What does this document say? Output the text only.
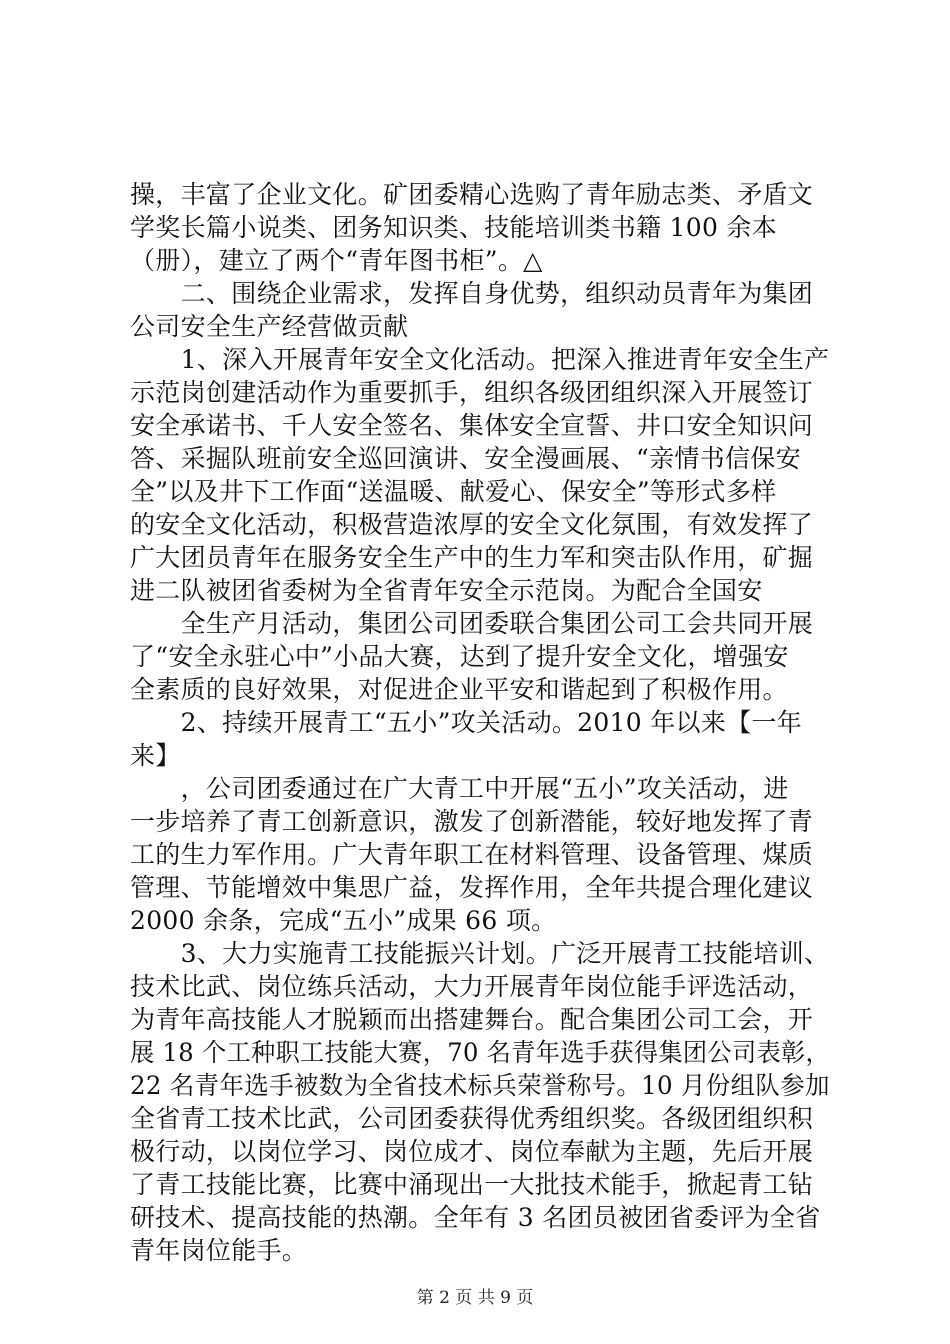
操，丰富了企业文化。矿团委精心选购了青年励志类、矛盾文
学奖长篇小说类、团务知识类、技能培训类书籍 100 余本
（册），建立了两个“青年图书柜”。△
　　二、围绕企业需求，发挥自身优势，组织动员青年为集团
公司安全生产经营做贡献
　　1、深入开展青年安全文化活动。把深入推进青年安全生产
示范岗创建活动作为重要抓手，组织各级团组织深入开展签订
安全承诺书、千人安全签名、集体安全宣誓、井口安全知识问
答、采掘队班前安全巡回演讲、安全漫画展、“亲情书信保安
全”以及井下工作面“送温暖、献爱心、保安全”等形式多样
的安全文化活动，积极营造浓厚的安全文化氛围，有效发挥了
广大团员青年在服务安全生产中的生力军和突击队作用，矿掘
进二队被团省委树为全省青年安全示范岗。为配合全国安
　　全生产月活动，集团公司团委联合集团公司工会共同开展
了“安全永驻心中”小品大赛，达到了提升安全文化，增强安
全素质的良好效果，对促进企业平安和谐起到了积极作用。
　　2、持续开展青工“五小”攻关活动。2010 年以来【一年
来】
　　，公司团委通过在广大青工中开展“五小”攻关活动，进
一步培养了青工创新意识，激发了创新潜能，较好地发挥了青
工的生力军作用。广大青年职工在材料管理、设备管理、煤质
管理、节能增效中集思广益，发挥作用，全年共提合理化建议
2000 余条，完成“五小”成果 66 项。
　　3、大力实施青工技能振兴计划。广泛开展青工技能培训、
技术比武、岗位练兵活动，大力开展青年岗位能手评选活动，
为青年高技能人才脱颖而出搭建舞台。配合集团公司工会，开
展 18 个工种职工技能大赛，70 名青年选手获得集团公司表彰，
22 名青年选手被数为全省技术标兵荣誉称号。10 月份组队参加
全省青工技术比武，公司团委获得优秀组织奖。各级团组织积
极行动，以岗位学习、岗位成才、岗位奉献为主题，先后开展
了青工技能比赛，比赛中涌现出一大批技术能手，掀起青工钻
研技术、提高技能的热潮。全年有 3 名团员被团省委评为全省
青年岗位能手。
第 2 页 共 9 页
